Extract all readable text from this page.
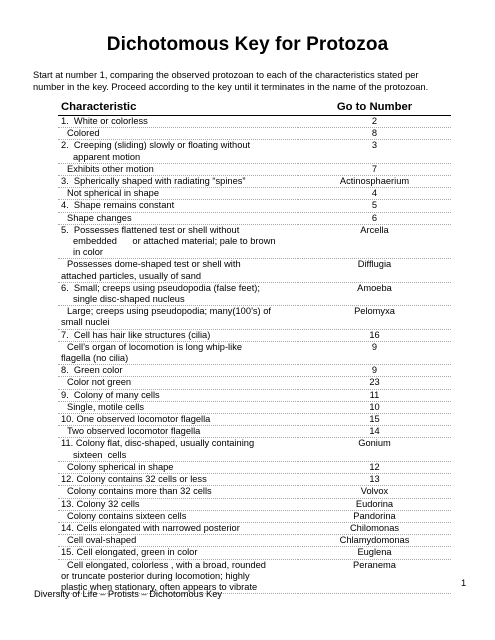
Dichotomous Key for Protozoa

Start at number 1, comparing the observed protozoan to each of the characteristics stated per

number in the key. Proceed according to the key until it terminates in the name of the protozoan.

Characteristic	Go to Number

1.  White or colorless	2

Colored	8

2.  Creeping (sliding) slowly or floating without
apparent motion	3

Exhibits other motion	7

3.  Spherically shaped with radiating “spines”	Actinosphaerium

Not spherical in shape	4

4.  Shape remains constant	5

Shape changes	6

5.  Possesses flattened test or shell without
embedded      or attached material; pale to brown
in color	Arcella

Possesses dome-shaped test or shell with
attached particles, usually of sand	Difflugia

6.  Small; creeps using pseudopodia (false feet);
single disc-shaped nucleus	Amoeba

Large; creeps using pseudopodia; many(100’s) of
small nuclei	Pelomyxa

7.  Cell has hair like structures (cilia)	16

Cell’s organ of locomotion is long whip-like
flagella (no cilia)	9

8.  Green color	9

Color not green	23

9.  Colony of many cells	11

Single, motile cells	10

10. One observed locomotor flagella	15

Two observed locomotor flagella	14

11. Colony flat, disc-shaped, usually containing
sixteen  cells	Gonium

Colony spherical in shape	12

12. Colony contains 32 cells or less	13

Colony contains more than 32 cells	Volvox

13. Colony 32 cells	Eudorina

Colony contains sixteen cells	Pandorina

14. Cells elongated with narrowed posterior	Chilomonas

Cell oval-shaped	Chlamydomonas

15. Cell elongated, green in color	Euglena

Cell elongated, colorless , with a broad, rounded
or truncate posterior during locomotion; highly
plastic when stationary, often appears to vibrate	Peranema
Diversity of Life – Protists – Dichotomous Key
1
